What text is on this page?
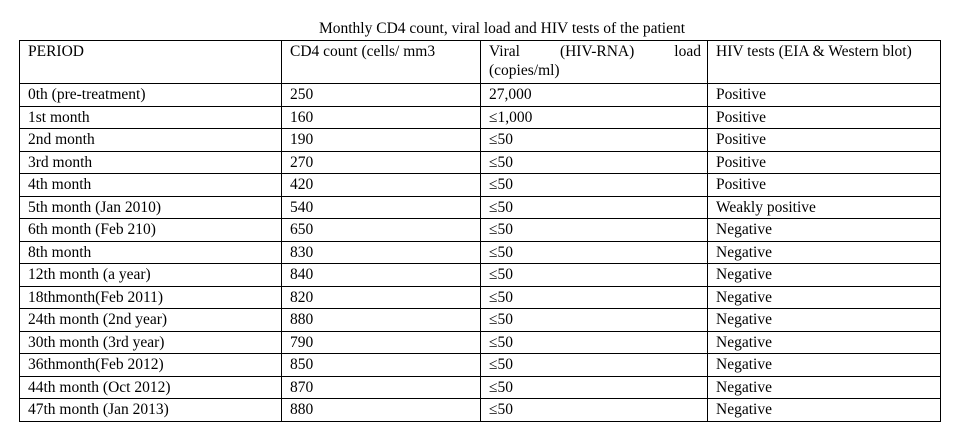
Monthly CD4 count, viral load and HIV tests of the patient
PERIOD	CD4 count (cells/ mm3	Viral (HIV-RNA) load (copies/ml)	HIV tests (EIA & Western blot)
0th (pre-treatment)	250	27,000	Positive
1st month	160	≤1,000	Positive
2nd month	190	≤50	Positive
3rd month	270	≤50	Positive
4th month	420	≤50	Positive
5th month (Jan 2010)	540	≤50	Weakly positive
6th month (Feb 210)	650	≤50	Negative
8th month	830	≤50	Negative
12th month (a year)	840	≤50	Negative
18thmonth(Feb 2011)	820	≤50	Negative
24th month (2nd year)	880	≤50	Negative
30th month (3rd year)	790	≤50	Negative
36thmonth(Feb 2012)	850	≤50	Negative
44th month (Oct 2012)	870	≤50	Negative
47th month (Jan 2013)	880	≤50	Negative
